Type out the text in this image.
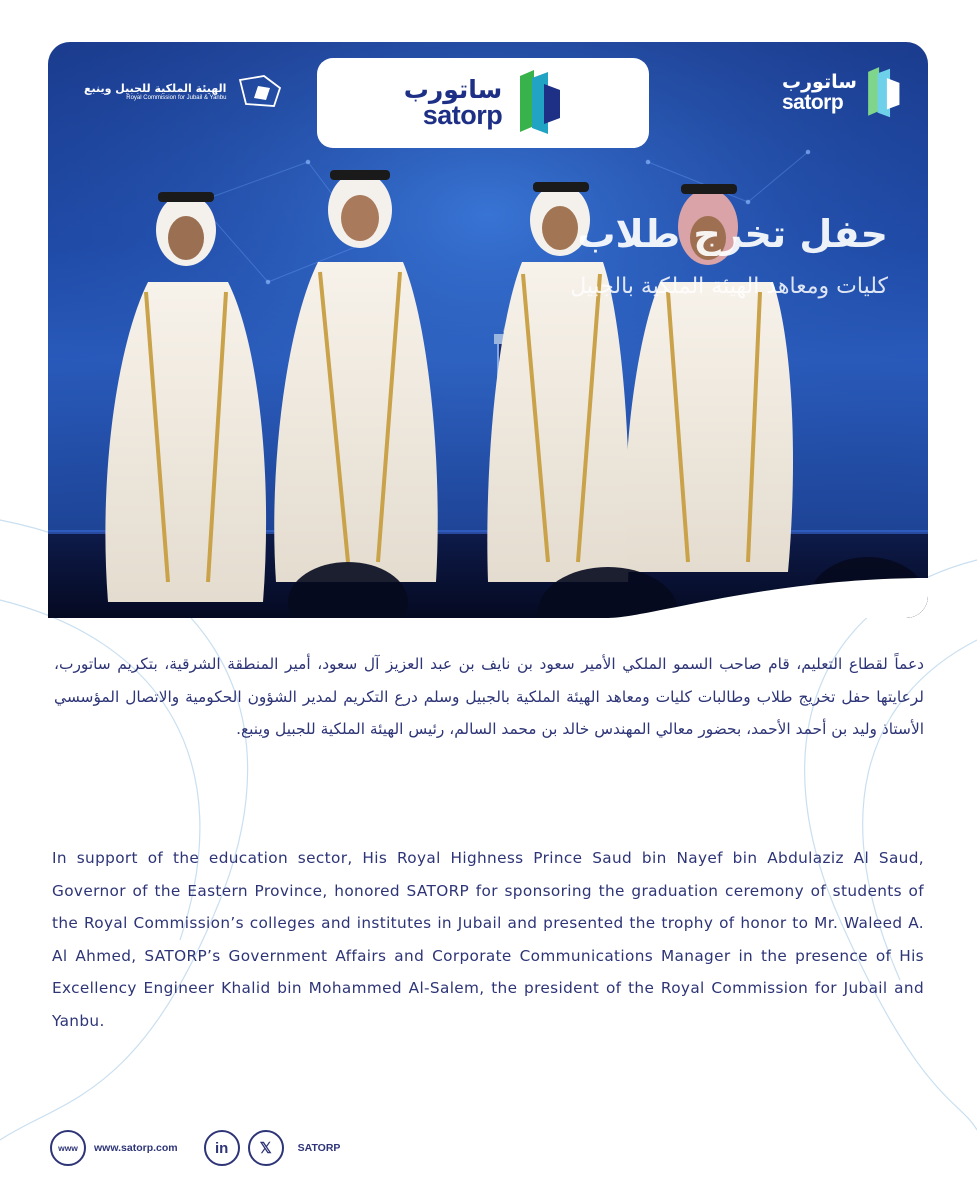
حفل تخرج طلاب
كليات ومعاهد الهيئة الملكية بالجبيل
الهيئة الملكية للجبيل وينبع
Royal Commission for Jubail & Yanbu	ساتورب
satorp
ساتورب
satorp

دعماً لقطاع التعليم، قام صاحب السمو الملكي الأمير سعود بن نايف بن عبد العزيز آل سعود، أمير المنطقة الشرقية، بتكريم ساتورب، لرعايتها حفل تخريج طلاب وطالبات كليات ومعاهد الهيئة الملكية بالجبيل وسلم درع التكريم لمدير الشؤون الحكومية والاتصال المؤسسي الأستاذ وليد بن أحمد الأحمد، بحضور معالي المهندس خالد بن محمد السالم، رئيس الهيئة الملكية للجبيل وينبع.

In support of the education sector, His Royal Highness Prince Saud bin Nayef bin Abdulaziz Al Saud, Governor of the Eastern Province, honored SATORP for sponsoring the graduation ceremony of students of the Royal Commission’s colleges and institutes in Jubail and presented the trophy of honor to Mr. Waleed A. Al Ahmed, SATORP’s Government Affairs and Corporate Communications Manager in the presence of His Excellency Engineer Khalid bin Mohammed Al-Salem, the president of the Royal Commission for Jubail and Yanbu.

www	www.satorp.com	in	𝕏	SATORP
